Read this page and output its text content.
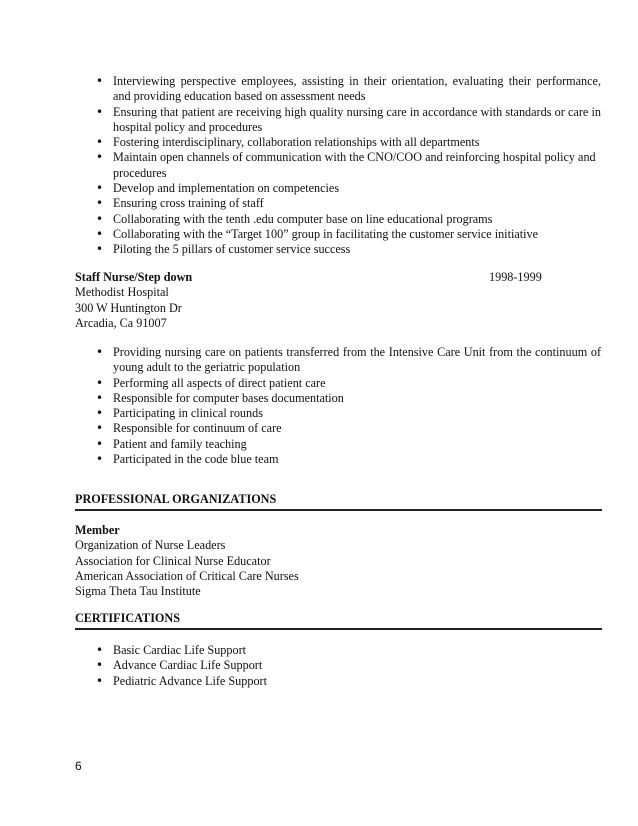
• Interviewing perspective employees, assisting in their orientation, evaluating their performance, and providing education based on assessment needs
• Ensuring that patient are receiving high quality nursing care in accordance with standards or care in hospital policy and procedures
• Fostering interdisciplinary, collaboration relationships with all departments
• Maintain open channels of communication with the CNO/COO and reinforcing hospital policy and procedures
• Develop and implementation on competencies
• Ensuring cross training of staff
• Collaborating with the tenth .edu computer base on line educational programs
• Collaborating with the “Target 100” group in facilitating the customer service initiative
• Piloting the 5 pillars of customer service success
Staff Nurse/Step down	1998-1999
Methodist Hospital
300 W Huntington Dr
Arcadia, Ca 91007
• Providing nursing care on patients transferred from the Intensive Care Unit from the continuum of young adult to the geriatric population
• Performing all aspects of direct patient care
• Responsible for computer bases documentation
• Participating in clinical rounds
• Responsible for continuum of care
• Patient and family teaching
• Participated in the code blue team
PROFESSIONAL ORGANIZATIONS
Member
Organization of Nurse Leaders
Association for Clinical Nurse Educator
American Association of Critical Care Nurses
Sigma Theta Tau Institute
CERTIFICATIONS
• Basic Cardiac Life Support
• Advance Cardiac Life Support
• Pediatric Advance Life Support
6
